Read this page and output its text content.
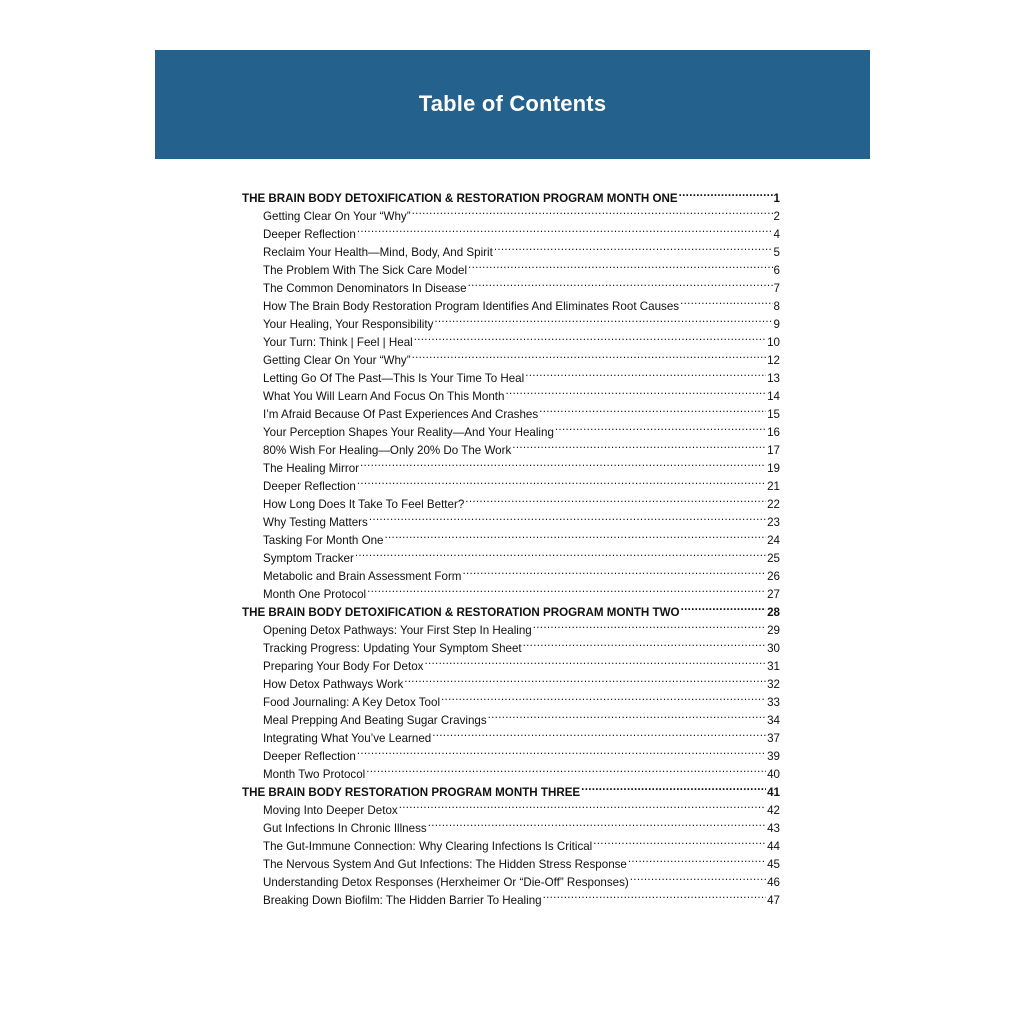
Table of Contents
THE BRAIN BODY DETOXIFICATION & RESTORATION PROGRAM MONTH ONE .....	1
Getting Clear On Your “Why” .....	2
Deeper Reflection .....	4
Reclaim Your Health—Mind, Body, And Spirit .....	5
The Problem With The Sick Care Model .....	6
The Common Denominators In Disease .....	7
How The Brain Body Restoration Program Identifies And Eliminates Root Causes .....	8
Your Healing, Your Responsibility .....	9
Your Turn: Think | Feel | Heal .....	10
Getting Clear On Your “Why” .....	12
Letting Go Of The Past—This Is Your Time To Heal .....	13
What You Will Learn And Focus On This Month .....	14
I’m Afraid Because Of Past Experiences And Crashes .....	15
Your Perception Shapes Your Reality—And Your Healing .....	16
80% Wish For Healing—Only 20% Do The Work .....	17
The Healing Mirror .....	19
Deeper Reflection .....	21
How Long Does It Take To Feel Better? .....	22
Why Testing Matters .....	23
Tasking For Month One .....	24
Symptom Tracker .....	25
Metabolic and Brain Assessment Form .....	26
Month One Protocol .....	27
THE BRAIN BODY DETOXIFICATION & RESTORATION PROGRAM MONTH TWO .....	28
Opening Detox Pathways: Your First Step In Healing .....	29
Tracking Progress: Updating Your Symptom Sheet .....	30
Preparing Your Body For Detox .....	31
How Detox Pathways Work .....	32
Food Journaling: A Key Detox Tool .....	33
Meal Prepping And Beating Sugar Cravings .....	34
Integrating What You’ve Learned .....	37
Deeper Reflection .....	39
Month Two Protocol .....	40
THE BRAIN BODY RESTORATION PROGRAM MONTH THREE .....	41
Moving Into Deeper Detox .....	42
Gut Infections In Chronic Illness .....	43
The Gut-Immune Connection: Why Clearing Infections Is Critical .....	44
The Nervous System And Gut Infections: The Hidden Stress Response .....	45
Understanding Detox Responses (Herxheimer Or “Die-Off” Responses) .....	46
Breaking Down Biofilm: The Hidden Barrier To Healing .....	47
